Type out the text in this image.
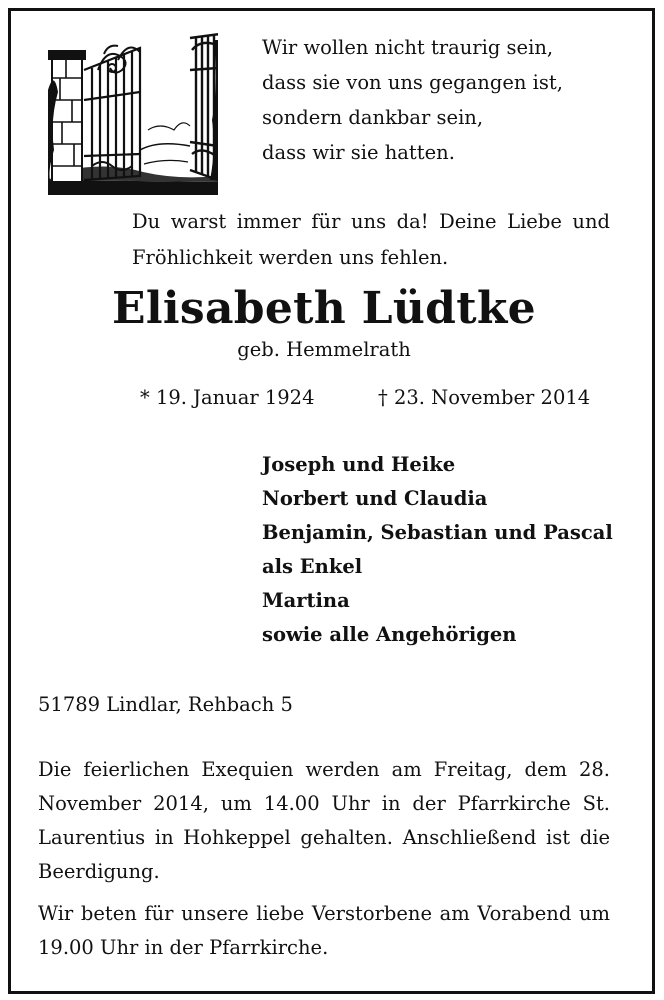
Wir wollen nicht traurig sein,
dass sie von uns gegangen ist,
sondern dankbar sein,
dass wir sie hatten.
Du warst immer für uns da! Deine Liebe und Fröhlichkeit werden uns fehlen.
Elisabeth Lüdtke
geb. Hemmelrath
* 19. Januar 1924	† 23. November 2014
Joseph und Heike
Norbert und Claudia
Benjamin, Sebastian und Pascal
als Enkel
Martina
sowie alle Angehörigen
51789 Lindlar, Rehbach 5
Die feierlichen Exequien werden am Freitag, dem 28. November 2014, um 14.00 Uhr in der Pfarrkirche St. Laurentius in Hohkeppel gehalten. Anschließend ist die Beerdigung.
Wir beten für unsere liebe Verstorbene am Vorabend um 19.00 Uhr in der Pfarrkirche.
